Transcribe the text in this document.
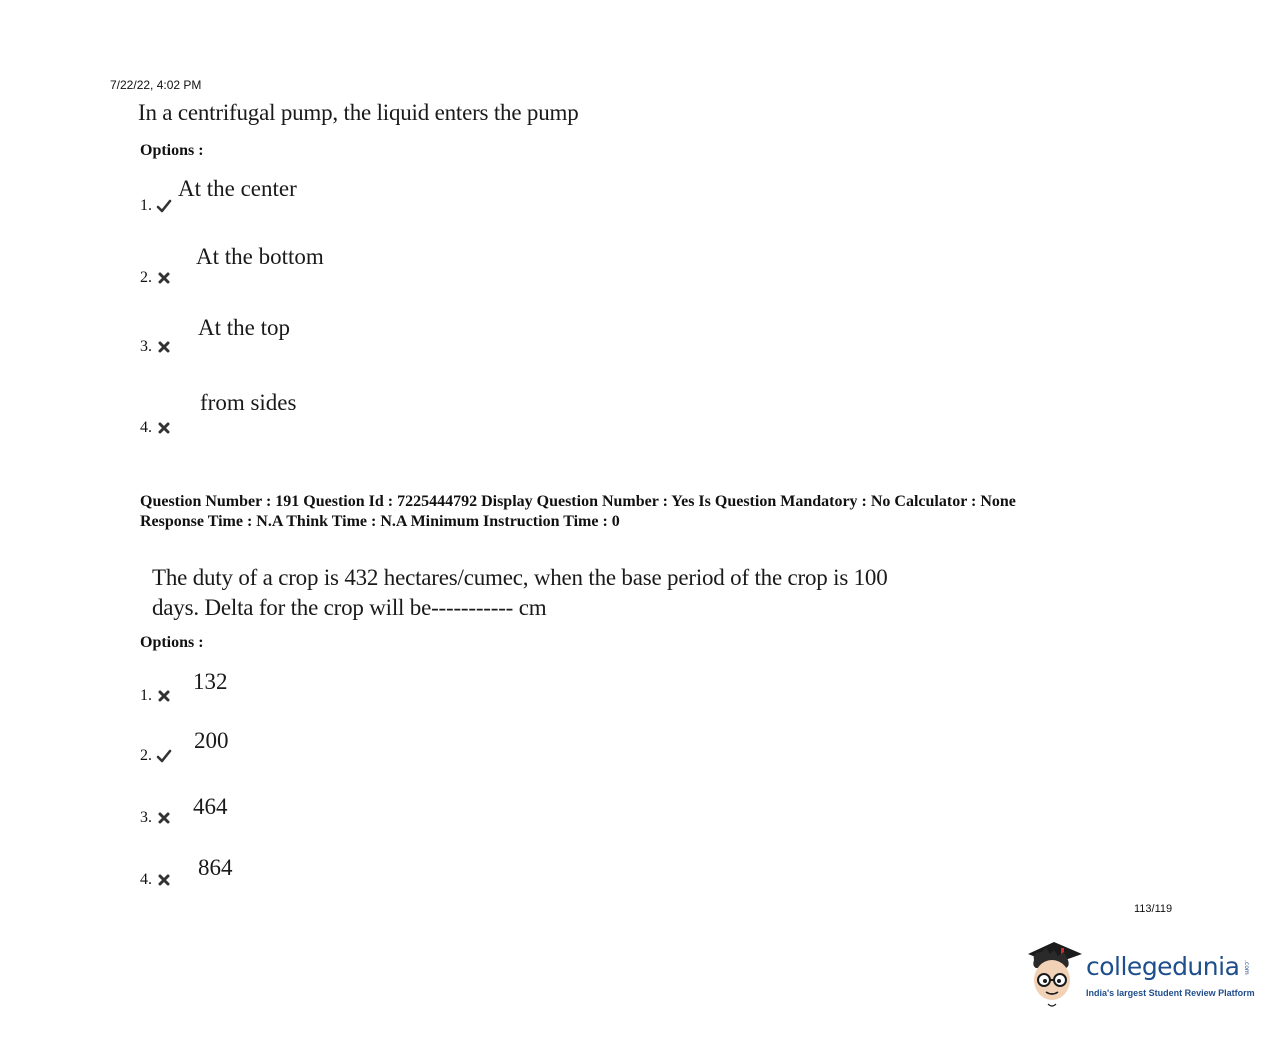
7/22/22, 4:02 PM
In a centrifugal pump, the liquid enters the pump
Options :
1.
At the center
2.
At the bottom
3.
At the top
4.
from sides
Question Number : 191 Question Id : 7225444792 Display Question Number : Yes Is Question Mandatory : No Calculator : None
Response Time : N.A Think Time : N.A Minimum Instruction Time : 0
The duty of a crop is 432 hectares/cumec, when the base period of the crop is 100
days. Delta for the crop will be----------- cm
Options :
1.
132
2.
200
3. 464
4. 864
113/119
collegedunia .com
India's largest Student Review Platform
